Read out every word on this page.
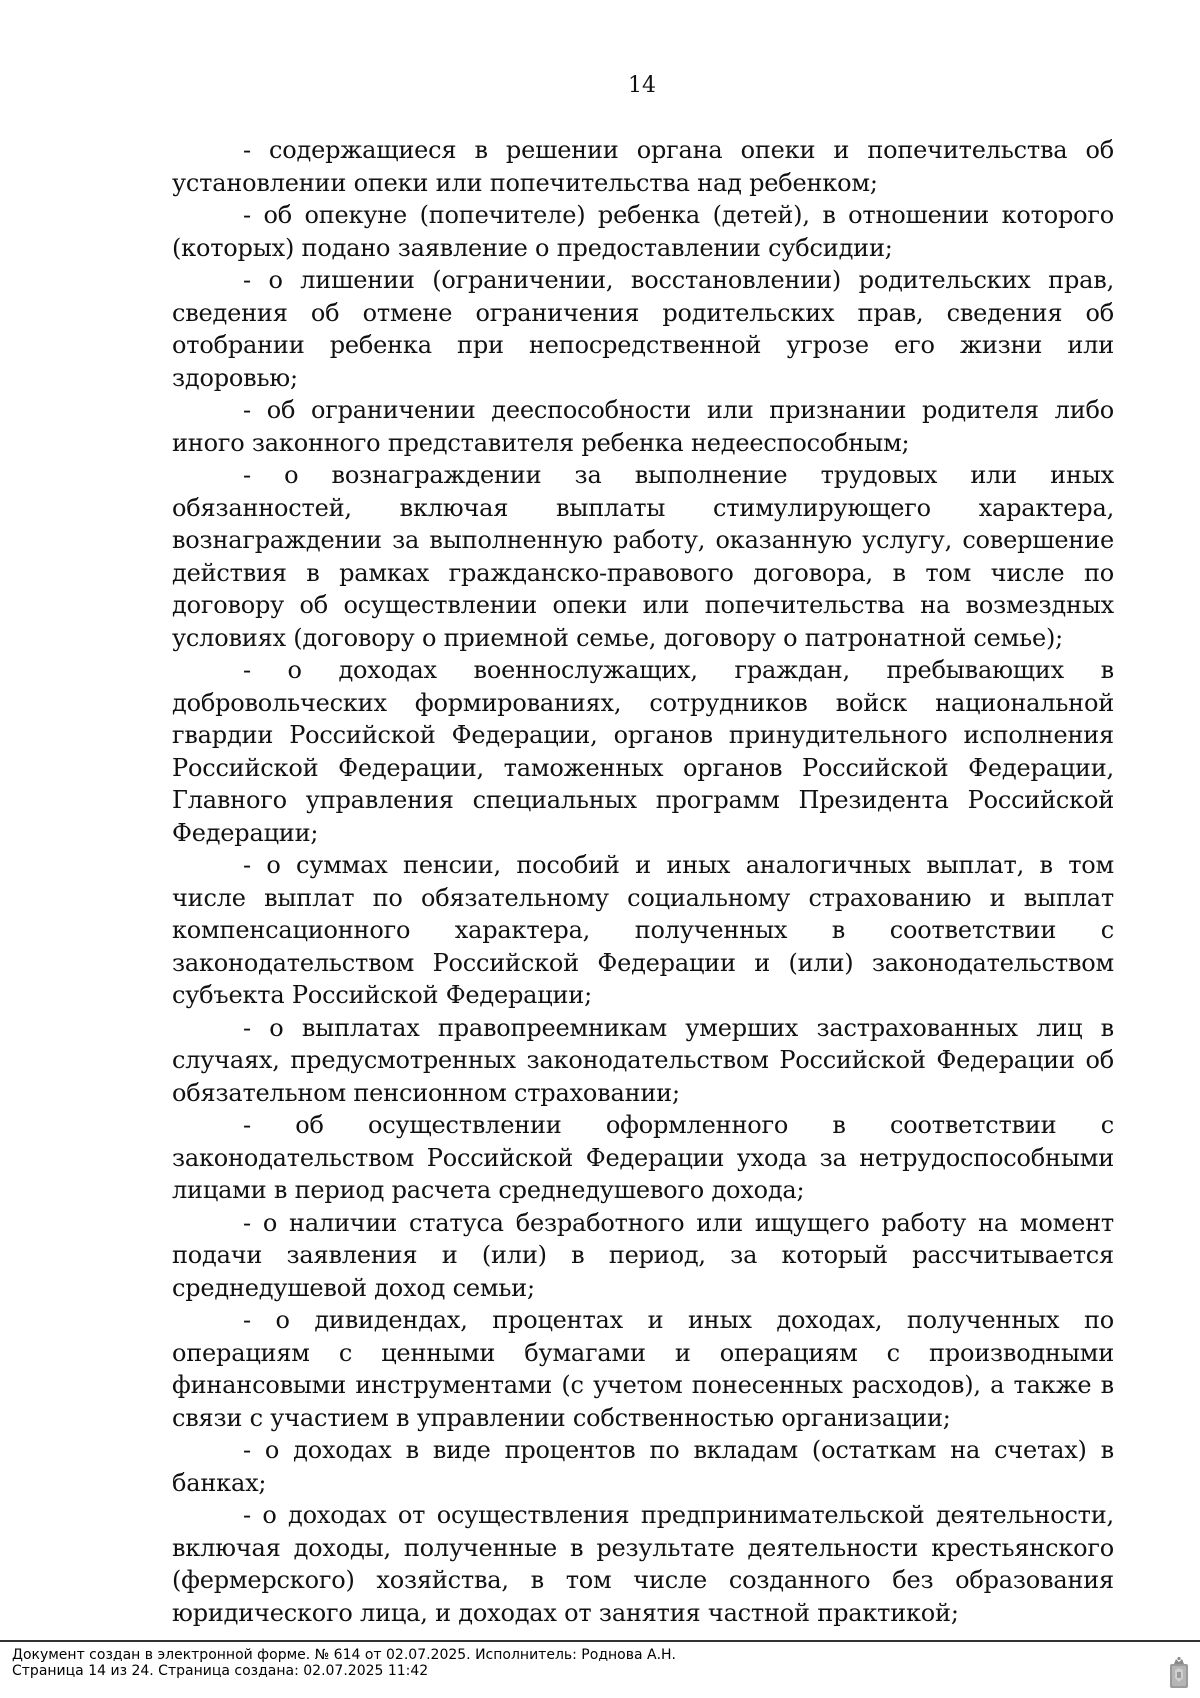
14

- содержащиеся в решении органа опеки и попечительства об установлении опеки или попечительства над ребенком;

- об опекуне (попечителе) ребенка (детей), в отношении которого (которых) подано заявление о предоставлении субсидии;

- о лишении (ограничении, восстановлении) родительских прав, сведения об отмене ограничения родительских прав, сведения об отобрании ребенка при непосредственной угрозе его жизни или здоровью;

- об ограничении дееспособности или признании родителя либо иного законного представителя ребенка недееспособным;

- о вознаграждении за выполнение трудовых или иных обязанностей, включая выплаты стимулирующего характера, вознаграждении за выполненную работу, оказанную услугу, совершение действия в рамках гражданско-правового договора, в том числе по договору об осуществлении опеки или попечительства на возмездных условиях (договору о приемной семье, договору о патронатной семье);

- о доходах военнослужащих, граждан, пребывающих в добровольческих формированиях, сотрудников войск национальной гвардии Российской Федерации, органов принудительного исполнения Российской Федерации, таможенных органов Российской Федерации, Главного управления специальных программ Президента Российской Федерации;

- о суммах пенсии, пособий и иных аналогичных выплат, в том числе выплат по обязательному социальному страхованию и выплат компенсационного характера, полученных в соответствии с законодательством Российской Федерации и (или) законодательством субъекта Российской Федерации;

- о выплатах правопреемникам умерших застрахованных лиц в случаях, предусмотренных законодательством Российской Федерации об обязательном пенсионном страховании;

- об осуществлении оформленного в соответствии с законодательством Российской Федерации ухода за нетрудоспособными лицами в период расчета среднедушевого дохода;

- о наличии статуса безработного или ищущего работу на момент подачи заявления и (или) в период, за который рассчитывается среднедушевой доход семьи;

- о дивидендах, процентах и иных доходах, полученных по операциям с ценными бумагами и операциям с производными финансовыми инструментами (с учетом понесенных расходов), а также в связи с участием в управлении собственностью организации;

- о доходах в виде процентов по вкладам (остаткам на счетах) в банках;

- о доходах от осуществления предпринимательской деятельности, включая доходы, полученные в результате деятельности крестьянского (фермерского) хозяйства, в том числе созданного без образования юридического лица, и доходах от занятия частной практикой;

Документ создан в электронной форме. № 614 от 02.07.2025. Исполнитель: Роднова А.Н.
Страница 14 из 24. Страница создана: 02.07.2025 11:42
